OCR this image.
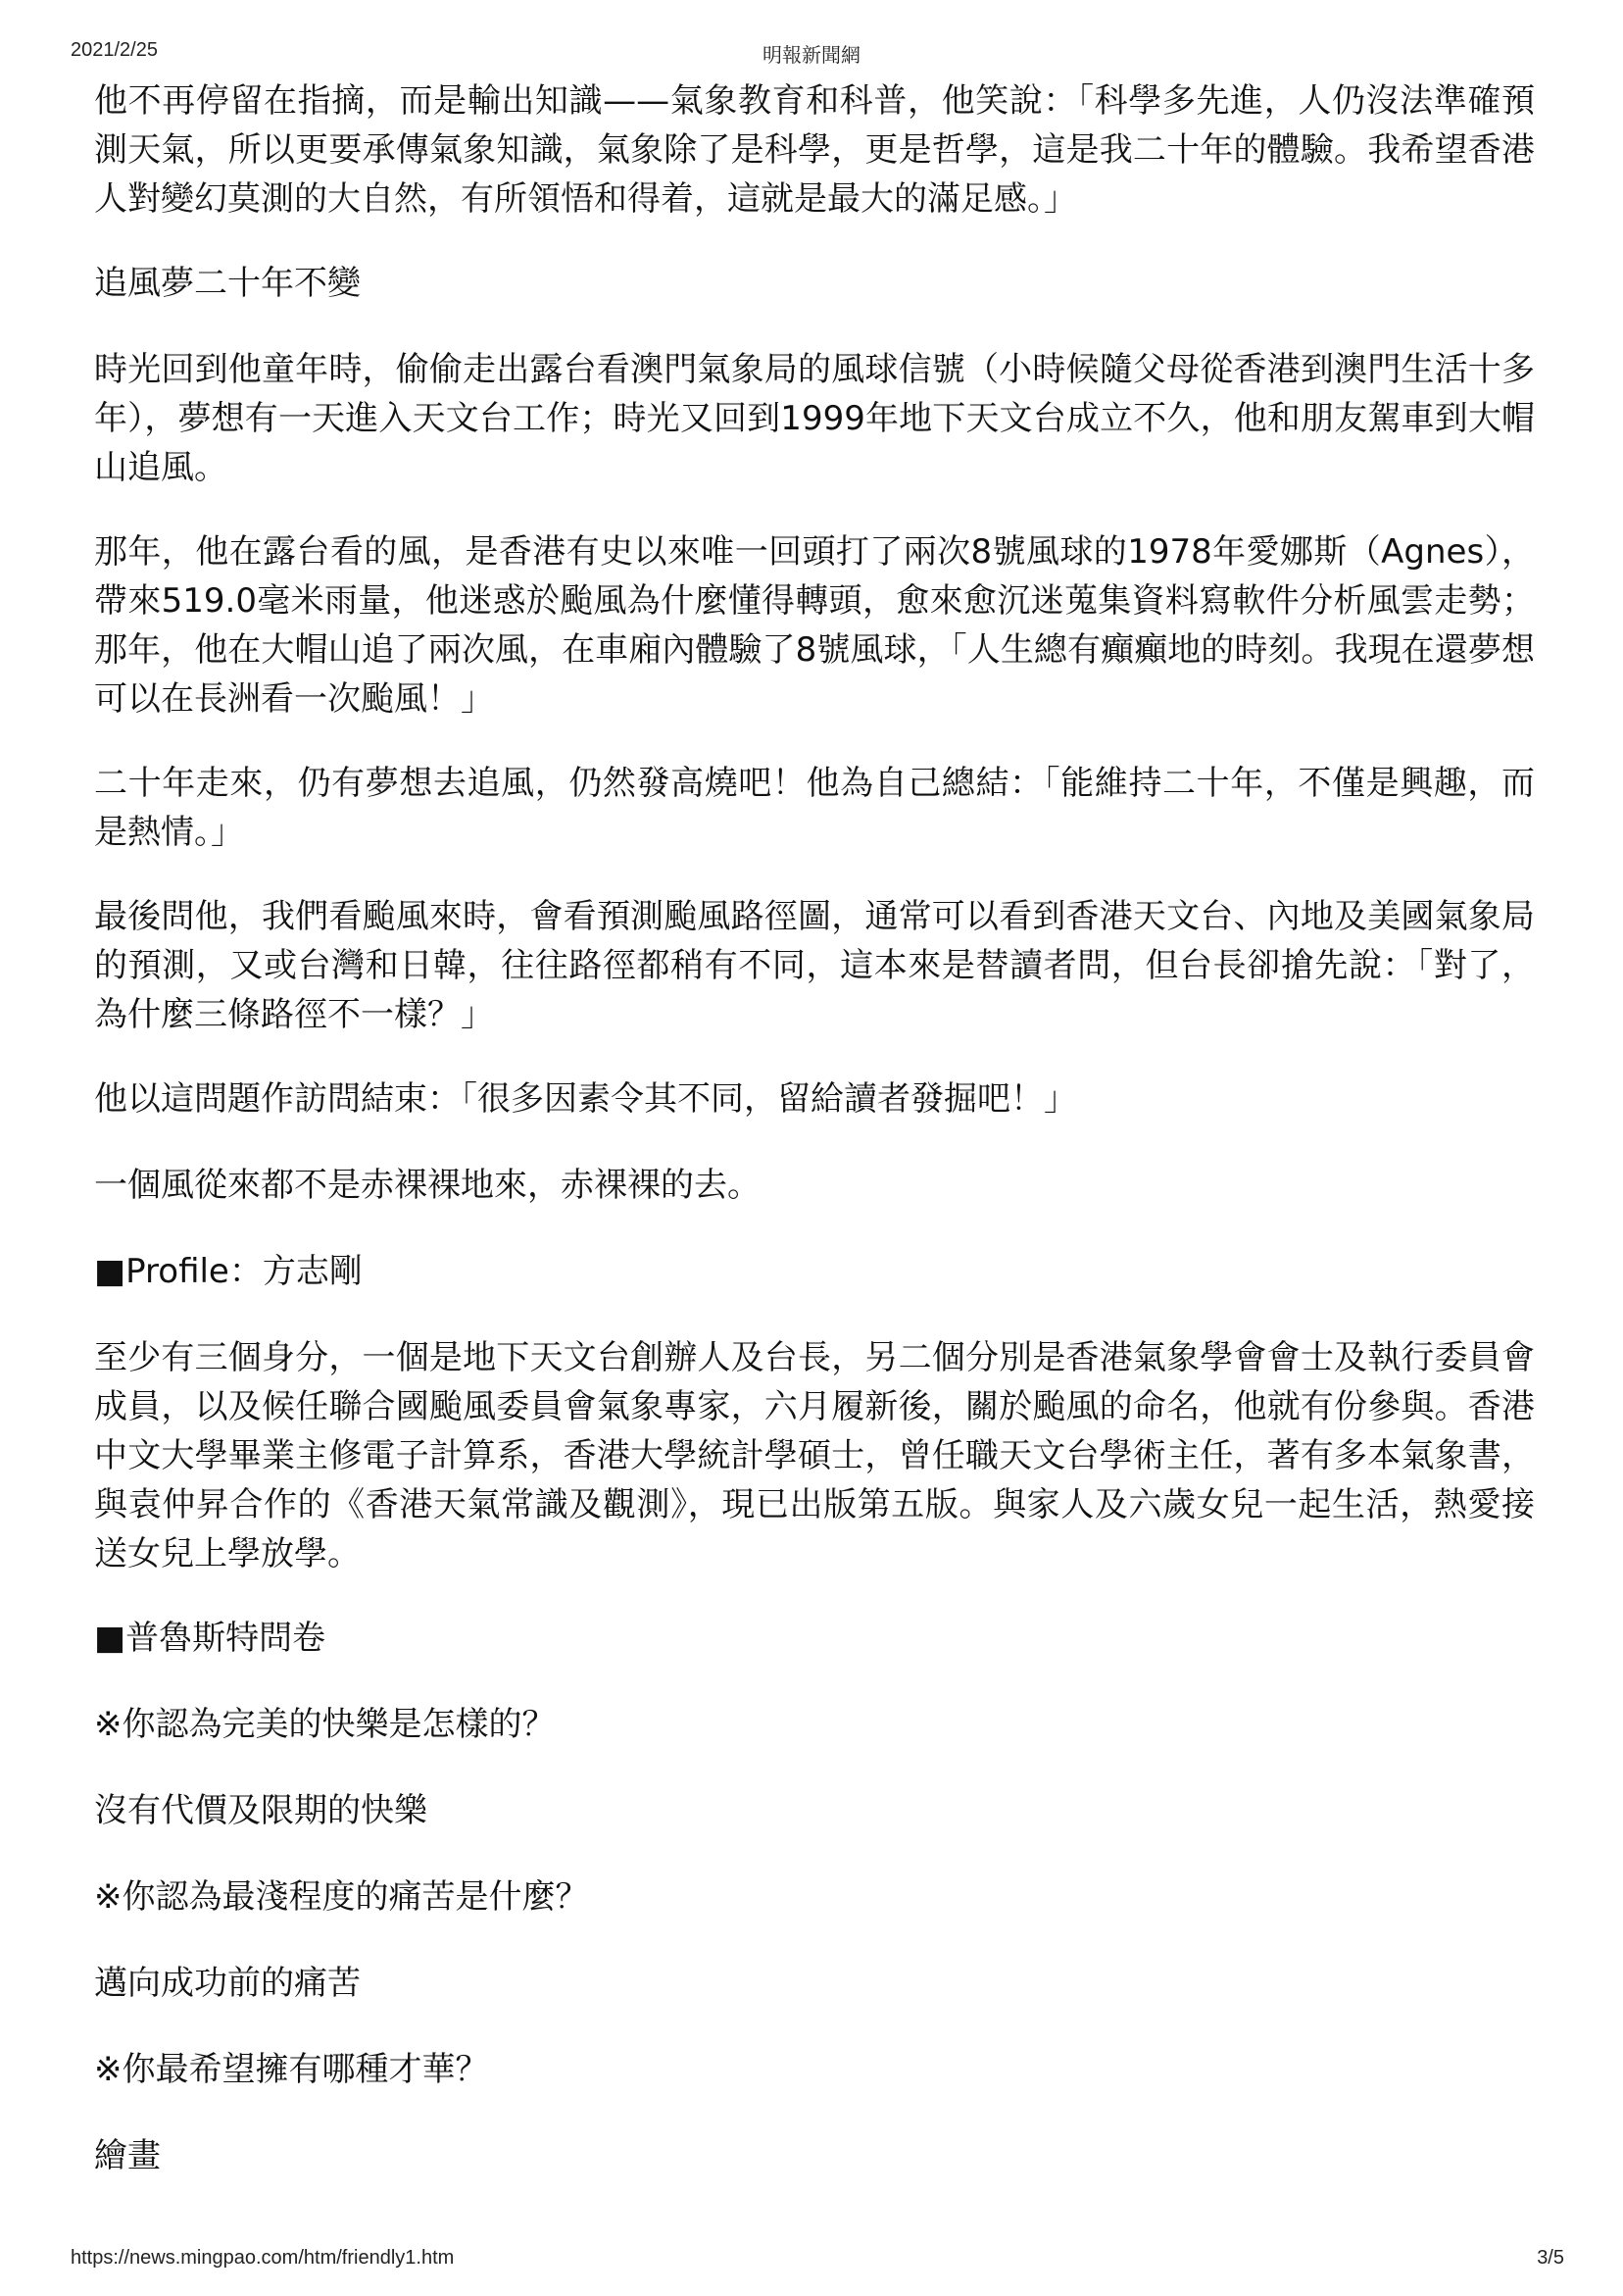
2021/2/25	明報新聞網

他不再停留在指摘，而是輸出知識——氣象教育和科普，他笑說：「科學多先進，人仍沒法準確預測天氣，所以更要承傳氣象知識，氣象除了是科學，更是哲學，這是我二十年的體驗。我希望香港人對變幻莫測的大自然，有所領悟和得着，這就是最大的滿足感。」

追風夢二十年不變

時光回到他童年時，偷偷走出露台看澳門氣象局的風球信號（小時候隨父母從香港到澳門生活十多年），夢想有一天進入天文台工作；時光又回到1999年地下天文台成立不久，他和朋友駕車到大帽山追風。

那年，他在露台看的風，是香港有史以來唯一回頭打了兩次8號風球的1978年愛娜斯（Agnes），帶來519.0毫米雨量，他迷惑於颱風為什麼懂得轉頭，愈來愈沉迷蒐集資料寫軟件分析風雲走勢；那年，他在大帽山追了兩次風，在車廂內體驗了8號風球，「人生總有癲癲地的時刻。我現在還夢想可以在長洲看一次颱風！」

二十年走來，仍有夢想去追風，仍然發高燒吧！他為自己總結：「能維持二十年，不僅是興趣，而是熱情。」

最後問他，我們看颱風來時，會看預測颱風路徑圖，通常可以看到香港天文台、內地及美國氣象局的預測，又或台灣和日韓，往往路徑都稍有不同，這本來是替讀者問，但台長卻搶先說：「對了，為什麼三條路徑不一樣？」

他以這問題作訪問結束：「很多因素令其不同，留給讀者發掘吧！」

一個風從來都不是赤裸裸地來，赤裸裸的去。

■Profile：方志剛

至少有三個身分，一個是地下天文台創辦人及台長，另二個分別是香港氣象學會會士及執行委員會成員，以及候任聯合國颱風委員會氣象專家，六月履新後，關於颱風的命名，他就有份參與。香港中文大學畢業主修電子計算系，香港大學統計學碩士，曾任職天文台學術主任，著有多本氣象書，與袁仲昇合作的《香港天氣常識及觀測》，現已出版第五版。與家人及六歲女兒一起生活，熱愛接送女兒上學放學。

■普魯斯特問卷

※你認為完美的快樂是怎樣的？

沒有代價及限期的快樂

※你認為最淺程度的痛苦是什麼？

邁向成功前的痛苦

※你最希望擁有哪種才華？

繪畫

https://news.mingpao.com/htm/friendly1.htm	3/5
